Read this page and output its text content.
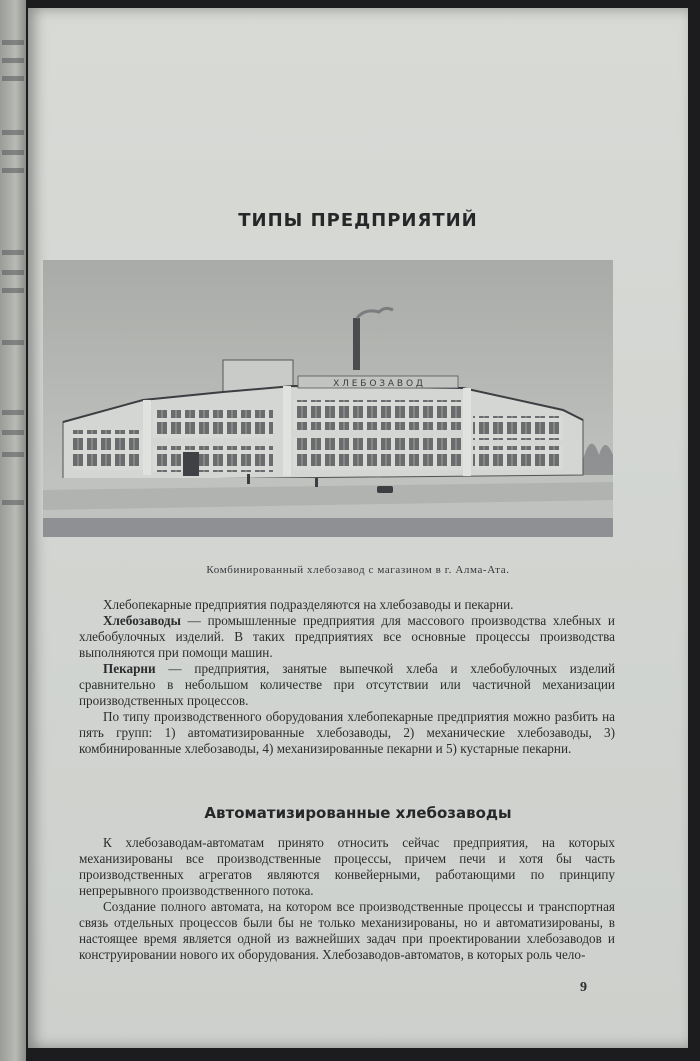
ТИПЫ ПРЕДПРИЯТИЙ
Х Л Е Б О З А В О Д
Комбинированный хлебозавод с магазином в г. Алма-Ата.

Хлебопекарные предприятия подразделяются на хлебозаводы и пекарни.

Хлебозаводы — промышленные предприятия для массового производства хлебных и хлебобулочных изделий. В таких предприятиях все основные процессы производства выполняются при помощи машин.

Пекарни — предприятия, занятые выпечкой хлеба и хлебобулочных изделий сравнительно в небольшом количестве при отсутствии или частичной механизации производственных процессов.

По типу производственного оборудования хлебопекарные предприятия можно разбить на пять групп: 1) автоматизированные хлебозаводы, 2) механические хлебозаводы, 3) комбинированные хлебозаводы, 4) механизированные пекарни и 5) кустарные пекарни.

Автоматизированные хлебозаводы

К хлебозаводам-автоматам принято относить сейчас предприятия, на которых механизированы все производственные процессы, причем печи и хотя бы часть производственных агрегатов являются конвейерными, работающими по принципу непрерывного производственного потока.

Создание полного автомата, на котором все производственные процессы и транспортная связь отдельных процессов были бы не только механизированы, но и автоматизированы, в настоящее время является одной из важнейших задач при проектировании хлебозаводов и конструировании нового их оборудования. Хлебозаводов-автоматов, в которых роль чело-

9
